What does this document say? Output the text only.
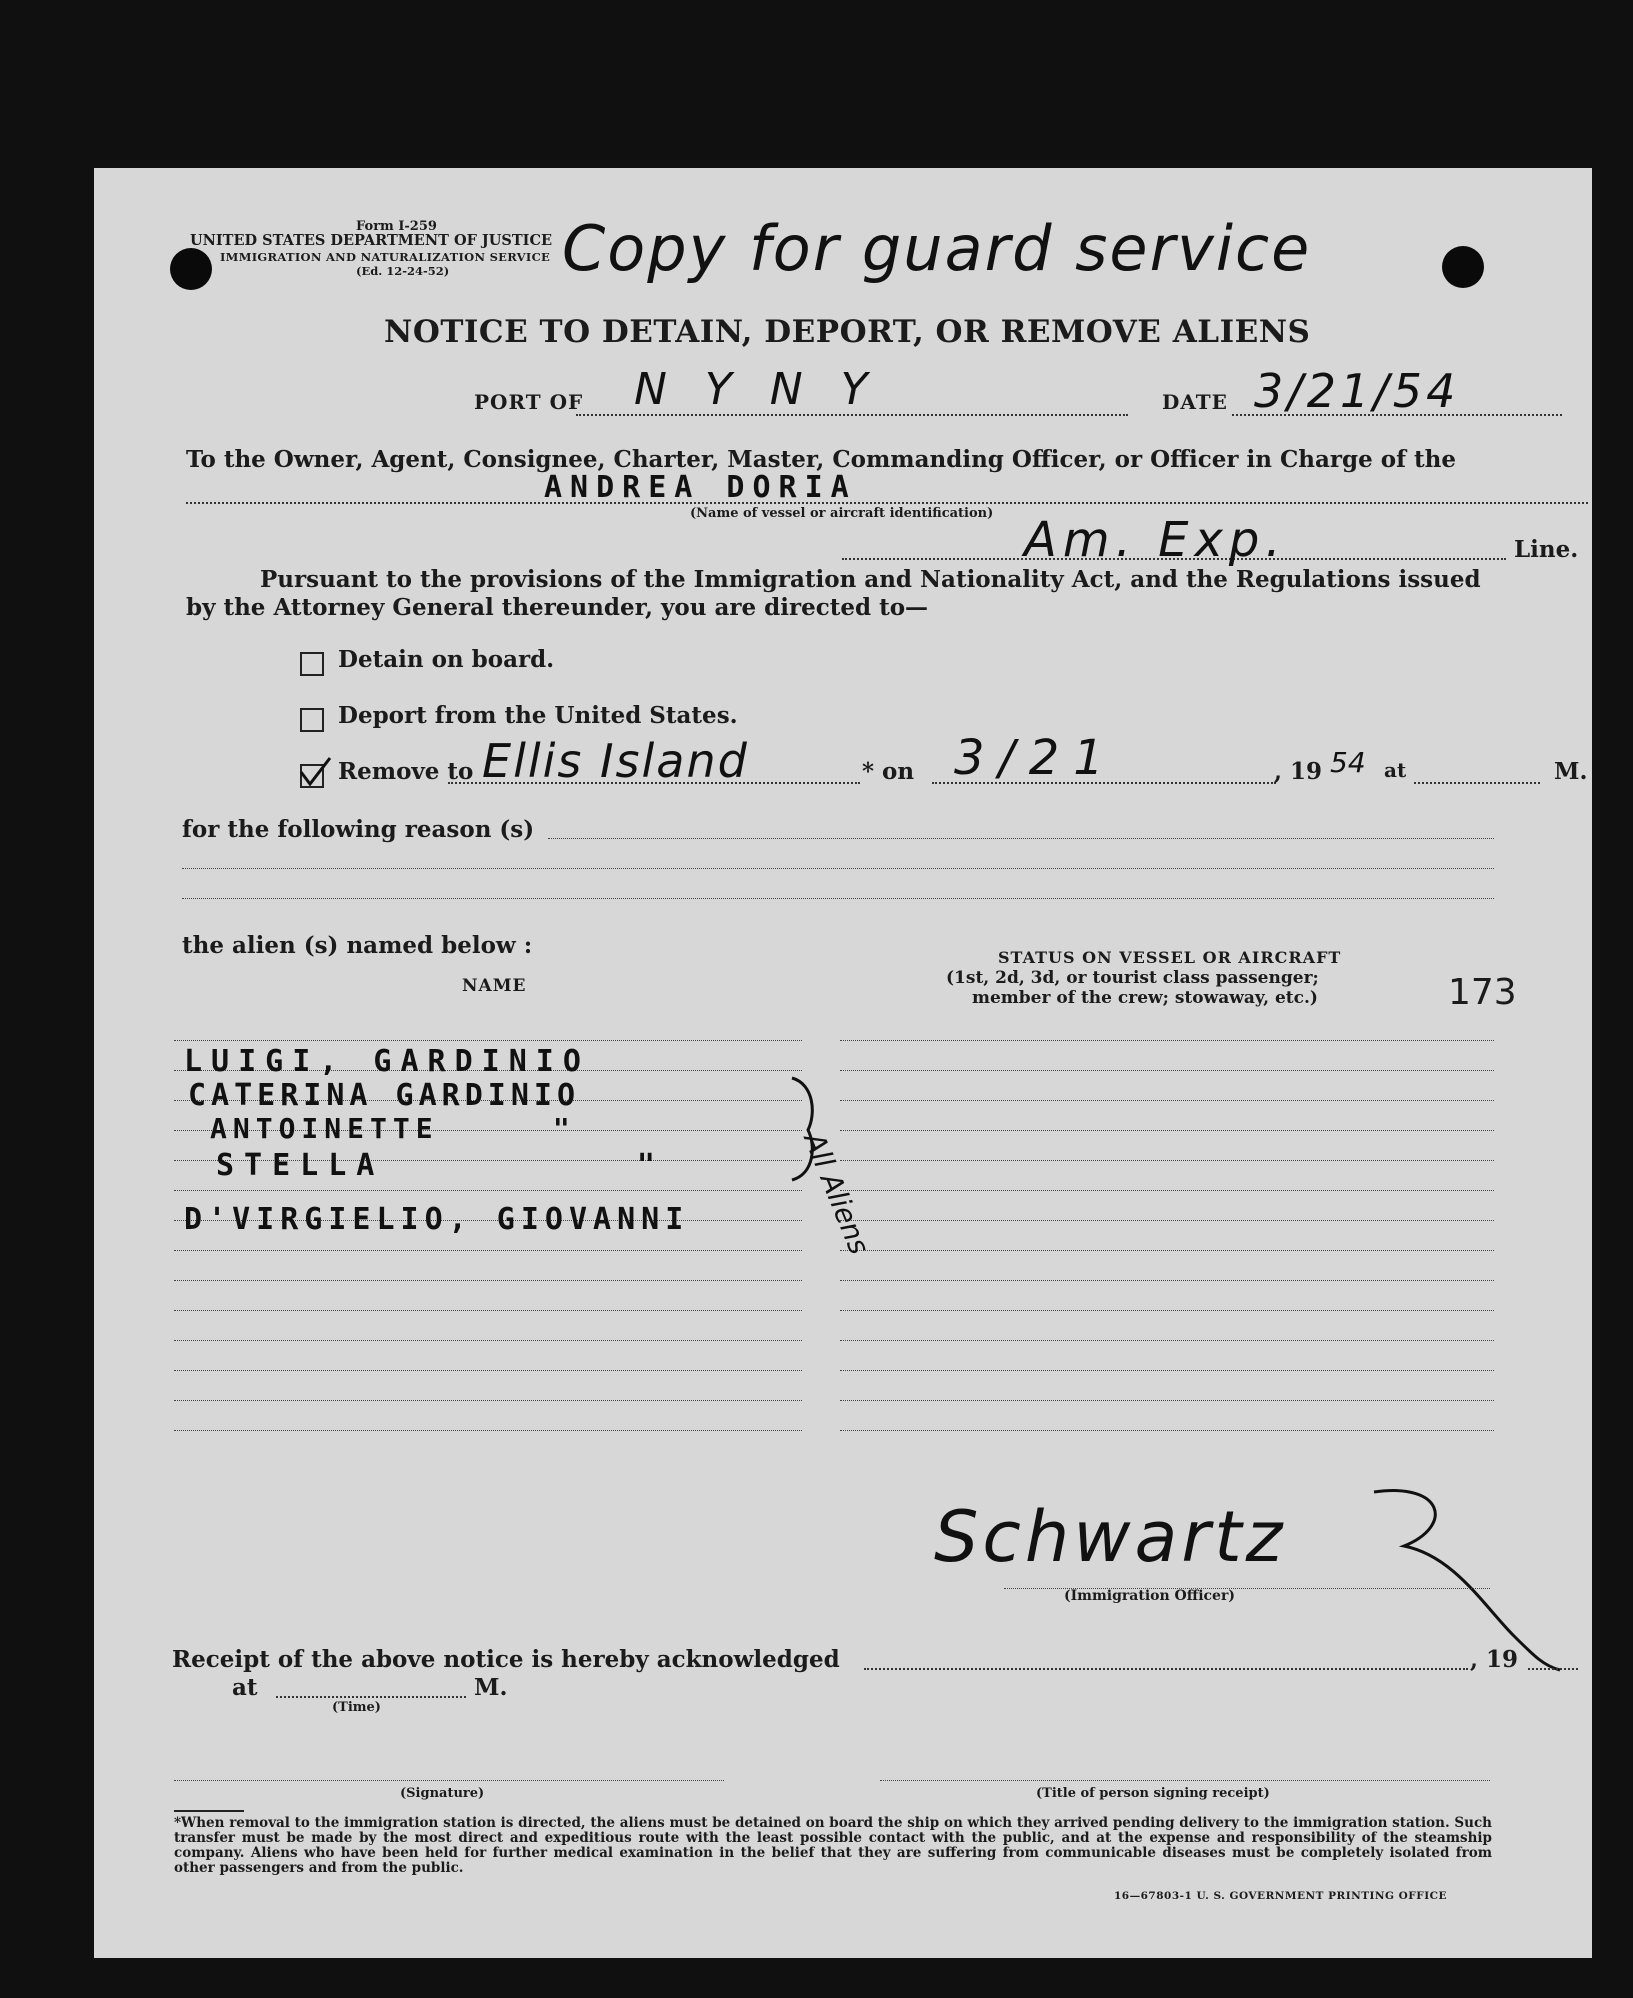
Form I-259
UNITED STATES DEPARTMENT OF JUSTICE
IMMIGRATION AND NATURALIZATION SERVICE
(Ed. 12-24-52) Copy for guard service
NOTICE TO DETAIN, DEPORT, OR REMOVE ALIENS
PORT OF N Y N Y	DATE 3/21/54
To the Owner, Agent, Consignee, Charter, Master, Commanding Officer, or Officer in Charge of the
ANDREA DORIA
(Name of vessel or aircraft identification) Am. Exp.	Line.
Pursuant to the provisions of the Immigration and Nationality Act, and the Regulations issued
by the Attorney General thereunder, you are directed to—
Detain on board.
Deport from the United States.
Remove to Ellis Island	* on 3/21	, 19 54 at	M.
for the following reason (s)
the alien (s) named below :
NAME
STATUS ON VESSEL OR AIRCRAFT
(1st, 2d, 3d, or tourist class passenger;
member of the crew; stowaway, etc.)	173
LUIGI, GARDINIO
CATERINA GARDINIO
ANTOINETTE     "
STELLA         "
D'VIRGIELIO, GIOVANNI	All Aliens
Schwartz
(Immigration Officer)
Receipt of the above notice is hereby acknowledged	, 19
at	M.
(Time)
(Signature)	(Title of person signing receipt)
*When removal to the immigration station is directed, the aliens must be detained on board the ship on which they arrived pending delivery to the immigration station. Such transfer must be made by the most direct and expeditious route with the least possible contact with the public, and at the expense and responsibility of the steamship company. Aliens who have been held for further medical examination in the belief that they are suffering from communicable diseases must be completely isolated from other passengers and from the public.
16—67803-1 U. S. GOVERNMENT PRINTING OFFICE
